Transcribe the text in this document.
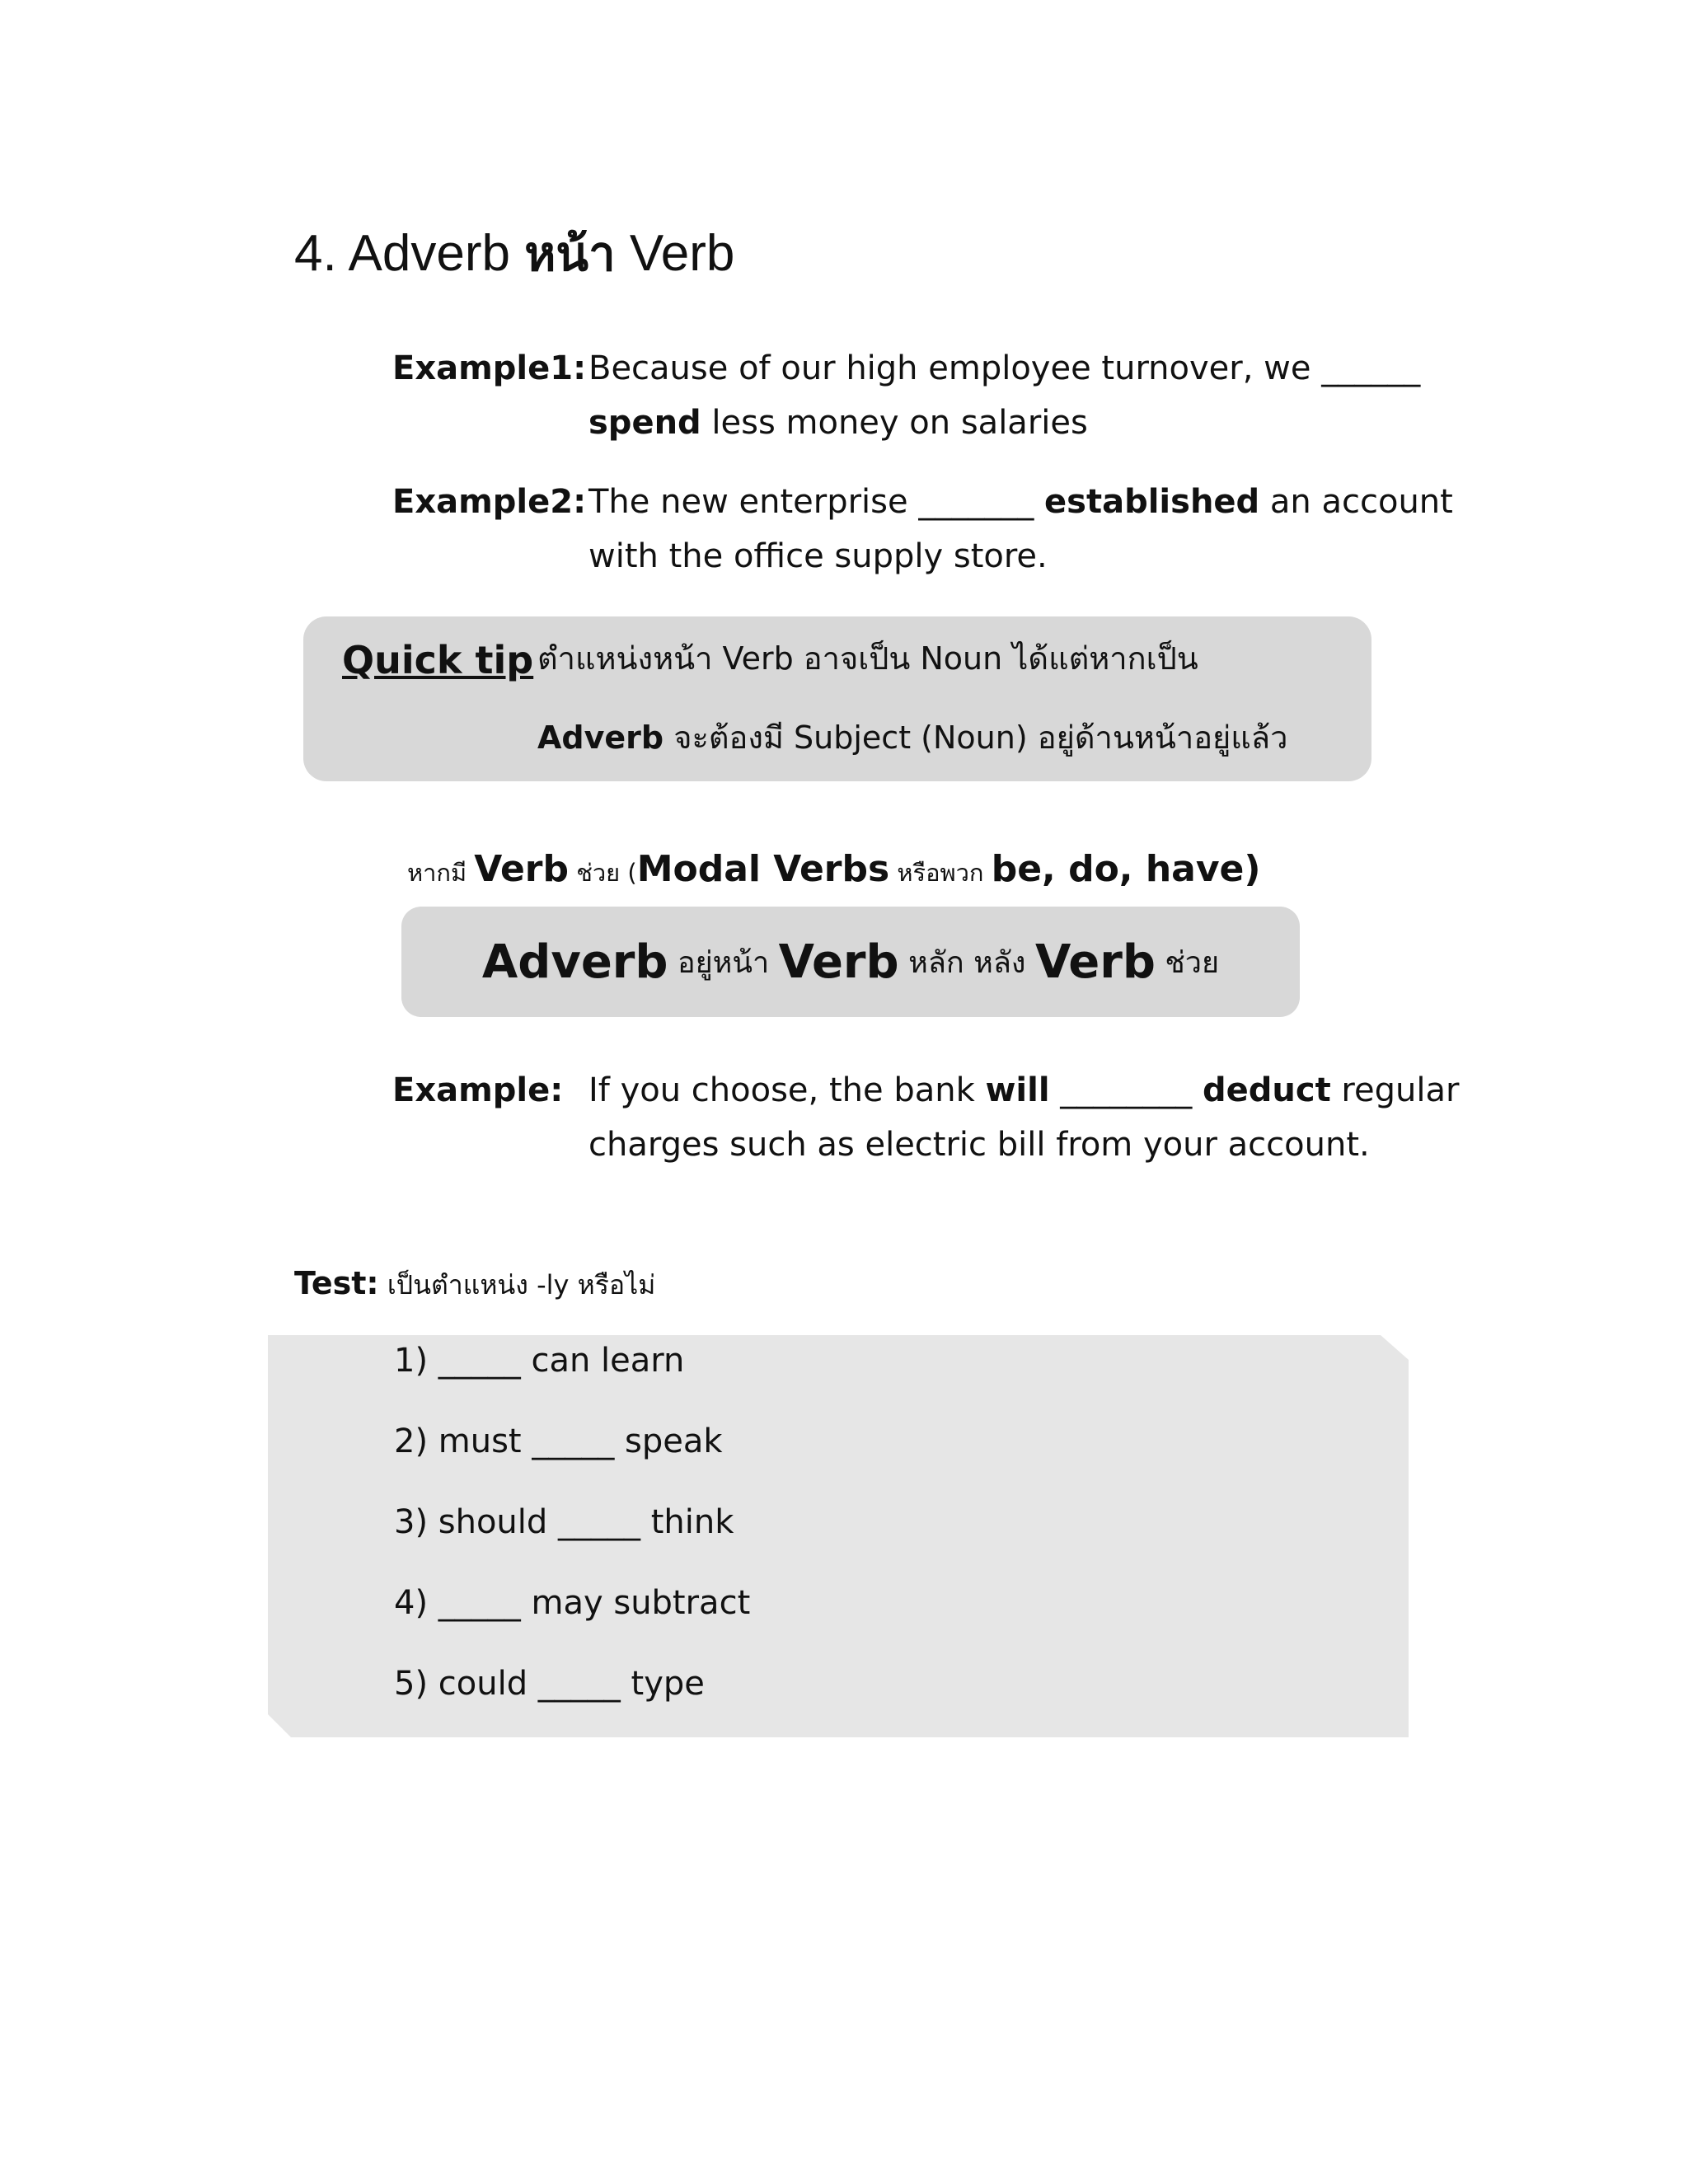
4. Adverb หน้า Verb
Example1: Because of our high employee turnover, we ______
spend less money on salaries
Example2: The new enterprise _______ established an account
with the office supply store.
Quick tip ตำแหน่งหน้า Verb อาจเป็น Noun ได้แต่หากเป็น
Adverb จะต้องมี Subject (Noun) อยู่ด้านหน้าอยู่แล้ว
หากมี Verb ช่วย (Modal Verbs หรือพวก be, do, have)
Adverb อยู่หน้า Verb หลัก หลัง Verb ช่วย
Example: If you choose, the bank will ________ deduct regular
charges such as electric bill from your account.
Test: เป็นตำแหน่ง -ly หรือไม่
1) _____ can learn
2) must _____ speak
3) should _____ think
4) _____ may subtract
5) could _____ type
